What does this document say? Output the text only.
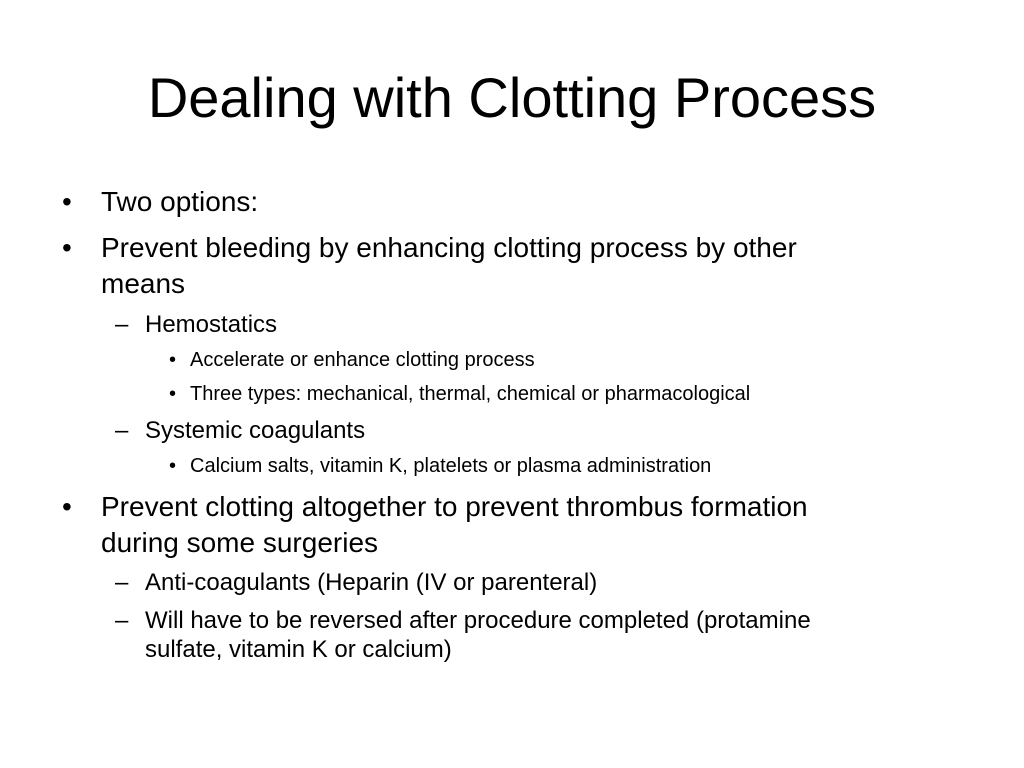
Dealing with Clotting Process
• Two options:
• Prevent bleeding by enhancing clotting process by other
means
– Hemostatics
• Accelerate or enhance clotting process
• Three types: mechanical, thermal, chemical or pharmacological
– Systemic coagulants
• Calcium salts, vitamin K, platelets or plasma administration
• Prevent clotting altogether to prevent thrombus formation
during some surgeries
– Anti-coagulants (Heparin (IV or parenteral)
– Will have to be reversed after procedure completed (protamine
sulfate, vitamin K or calcium)
